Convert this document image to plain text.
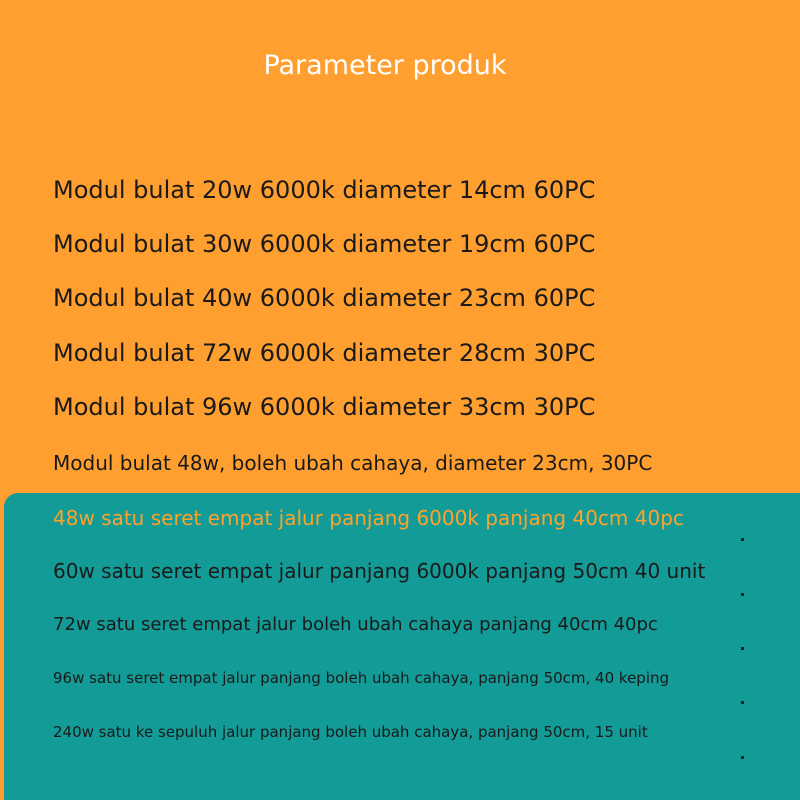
Parameter produk
Modul bulat 20w 6000k diameter 14cm 60PC
Modul bulat 30w 6000k diameter 19cm 60PC
Modul bulat 40w 6000k diameter 23cm 60PC
Modul bulat 72w 6000k diameter 28cm 30PC
Modul bulat 96w 6000k diameter 33cm 30PC
Modul bulat 48w, boleh ubah cahaya, diameter 23cm, 30PC
48w satu seret empat jalur panjang 6000k panjang 40cm 40pc
60w satu seret empat jalur panjang 6000k panjang 50cm 40 unit
72w satu seret empat jalur boleh ubah cahaya panjang 40cm 40pc
96w satu seret empat jalur panjang boleh ubah cahaya, panjang 50cm, 40 keping
240w satu ke sepuluh jalur panjang boleh ubah cahaya, panjang 50cm, 15 unit
